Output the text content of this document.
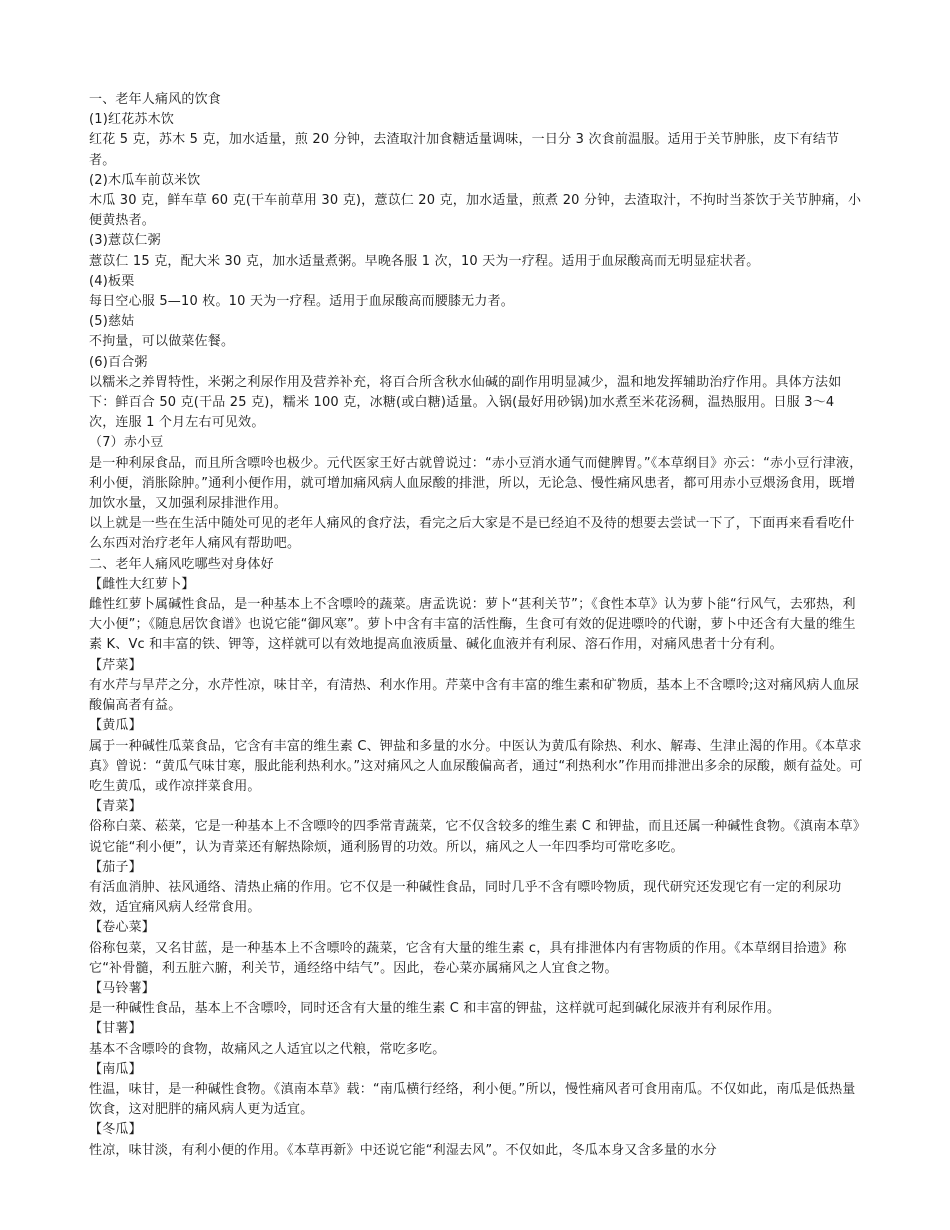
一、老年人痛风的饮食

(1)红花苏木饮

红花 5 克，苏木 5 克，加水适量，煎 20 分钟，去渣取汁加食糖适量调味，一日分 3 次食前温服。适用于关节肿胀，皮下有结节者。

(2)木瓜车前苡米饮

木瓜 30 克，鲜车草 60 克(干车前草用 30 克)，薏苡仁 20 克，加水适量，煎煮 20 分钟，去渣取汁，不拘时当茶饮于关节肿痛，小便黄热者。

(3)薏苡仁粥

薏苡仁 15 克，配大米 30 克，加水适量煮粥。早晚各服 1 次，10 天为一疗程。适用于血尿酸高而无明显症状者。

(4)板栗

每日空心服 5—10 枚。10 天为一疗程。适用于血尿酸高而腰膝无力者。

(5)慈姑

不拘量，可以做菜佐餐。

(6)百合粥

以糯米之养胃特性，米粥之利尿作用及营养补充，将百合所含秋水仙碱的副作用明显减少，温和地发挥辅助治疗作用。具体方法如下：鲜百合 50 克(干品 25 克)，糯米 100 克，冰糖(或白糖)适量。入锅(最好用砂锅)加水煮至米花汤稠，温热服用。日服 3～4 次，连服 1 个月左右可见效。

（7）赤小豆

是一种利尿食品，而且所含嘌呤也极少。元代医家王好古就曾说过：“赤小豆消水通气而健脾胃。”《本草纲目》亦云：“赤小豆行津液，利小便，消胀除肿。”通利小便作用，就可增加痛风病人血尿酸的排泄，所以，无论急、慢性痛风患者，都可用赤小豆煨汤食用，既增加饮水量，又加强利尿排泄作用。

以上就是一些在生活中随处可见的老年人痛风的食疗法，看完之后大家是不是已经迫不及待的想要去尝试一下了，下面再来看看吃什么东西对治疗老年人痛风有帮助吧。

二、老年人痛风吃哪些对身体好

【雌性大红萝卜】

雌性红萝卜属碱性食品，是一种基本上不含嘌呤的蔬菜。唐孟诜说：萝卜“甚利关节”；《食性本草》认为萝卜能“行风气，去邪热，利大小便”；《随息居饮食谱》也说它能“御风寒”。萝卜中含有丰富的活性酶，生食可有效的促进嘌呤的代谢，萝卜中还含有大量的维生素 K、Vc 和丰富的铁、钾等，这样就可以有效地提高血液质量、碱化血液并有利尿、溶石作用，对痛风患者十分有利。

【芹菜】

有水芹与旱芹之分，水芹性凉，味甘辛，有清热、利水作用。芹菜中含有丰富的维生素和矿物质，基本上不含嘌呤;这对痛风病人血尿酸偏高者有益。

【黄瓜】

属于一种碱性瓜菜食品，它含有丰富的维生素 C、钾盐和多量的水分。中医认为黄瓜有除热、利水、解毒、生津止渴的作用。《本草求真》曾说：“黄瓜气味甘寒，服此能利热利水。”这对痛风之人血尿酸偏高者，通过“利热利水”作用而排泄出多余的尿酸，颇有益处。可吃生黄瓜，或作凉拌菜食用。

【青菜】

俗称白菜、菘菜，它是一种基本上不含嘌呤的四季常青蔬菜，它不仅含较多的维生素 C 和钾盐，而且还属一种碱性食物。《滇南本草》说它能“利小便”，认为青菜还有解热除烦，通利肠胃的功效。所以，痛风之人一年四季均可常吃多吃。

【茄子】

有活血消肿、祛风通络、清热止痛的作用。它不仅是一种碱性食品，同时几乎不含有嘌呤物质，现代研究还发现它有一定的利尿功效，适宜痛风病人经常食用。

【卷心菜】

俗称包菜，又名甘蓝，是一种基本上不含嘌呤的蔬菜，它含有大量的维生素 c，具有排泄体内有害物质的作用。《本草纲目拾遗》称它“补骨髓，利五脏六腑，利关节，通经络中结气”。因此，卷心菜亦属痛风之人宜食之物。

【马铃薯】

是一种碱性食品，基本上不含嘌呤，同时还含有大量的维生素 C 和丰富的钾盐，这样就可起到碱化尿液并有利尿作用。

【甘薯】

基本不含嘌呤的食物，故痛风之人适宜以之代粮，常吃多吃。

【南瓜】

性温，味甘，是一种碱性食物。《滇南本草》载：“南瓜横行经络，利小便。”所以，慢性痛风者可食用南瓜。不仅如此，南瓜是低热量饮食，这对肥胖的痛风病人更为适宜。

【冬瓜】

性凉，味甘淡，有利小便的作用。《本草再新》中还说它能“利湿去风”。不仅如此，冬瓜本身又含多量的水分
